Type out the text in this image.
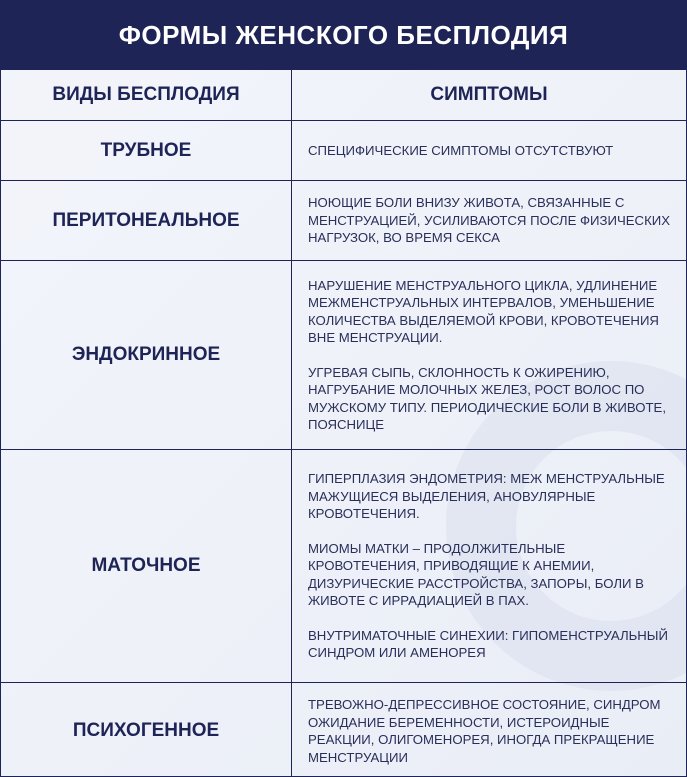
ФОРМЫ ЖЕНСКОГО БЕСПЛОДИЯ
ВИДЫ БЕСПЛОДИЯ	СИМПТОМЫ
ТРУБНОЕ	СПЕЦИФИЧЕСКИЕ СИМПТОМЫ ОТСУТСТВУЮТ
ПЕРИТОНЕАЛЬНОЕ
НОЮЩИЕ БОЛИ ВНИЗУ ЖИВОТА, СВЯЗАННЫЕ С МЕНСТРУАЦИЕЙ, УСИЛИВАЮТСЯ ПОСЛЕ ФИЗИЧЕСКИХ НАГРУЗОК, ВО ВРЕМЯ СЕКСА
ЭНДОКРИННОЕ
НАРУШЕНИЕ МЕНСТРУАЛЬНОГО ЦИКЛА, УДЛИНЕНИЕ МЕЖМЕНСТРУАЛЬНЫХ ИНТЕРВАЛОВ, УМЕНЬШЕНИЕ КОЛИЧЕСТВА ВЫДЕЛЯЕМОЙ КРОВИ, КРОВОТЕЧЕНИЯ ВНЕ МЕНСТРУАЦИИ.
УГРЕВАЯ СЫПЬ, СКЛОННОСТЬ К ОЖИРЕНИЮ, НАГРУБАНИЕ МОЛОЧНЫХ ЖЕЛЕЗ, РОСТ ВОЛОС ПО МУЖСКОМУ ТИПУ. ПЕРИОДИЧЕСКИЕ БОЛИ В ЖИВОТЕ, ПОЯСНИЦЕ
МАТОЧНОЕ
ГИПЕРПЛАЗИЯ ЭНДОМЕТРИЯ: МЕЖ МЕНСТРУАЛЬНЫЕ МАЖУЩИЕСЯ ВЫДЕЛЕНИЯ, АНОВУЛЯРНЫЕ КРОВОТЕЧЕНИЯ.
МИОМЫ МАТКИ – ПРОДОЛЖИТЕЛЬНЫЕ КРОВОТЕЧЕНИЯ, ПРИВОДЯЩИЕ К АНЕМИИ, ДИЗУРИЧЕСКИЕ РАССТРОЙСТВА, ЗАПОРЫ, БОЛИ В ЖИВОТЕ С ИРРАДИАЦИЕЙ В ПАХ.
ВНУТРИМАТОЧНЫЕ СИНЕХИИ: ГИПОМЕНСТРУАЛЬНЫЙ СИНДРОМ ИЛИ АМЕНОРЕЯ
ПСИХОГЕННОЕ
ТРЕВОЖНО-ДЕПРЕССИВНОЕ СОСТОЯНИЕ, СИНДРОМ ОЖИДАНИЕ БЕРЕМЕННОСТИ, ИСТЕРОИДНЫЕ РЕАКЦИИ, ОЛИГОМЕНОРЕЯ, ИНОГДА ПРЕКРАЩЕНИЕ МЕНСТРУАЦИИ
